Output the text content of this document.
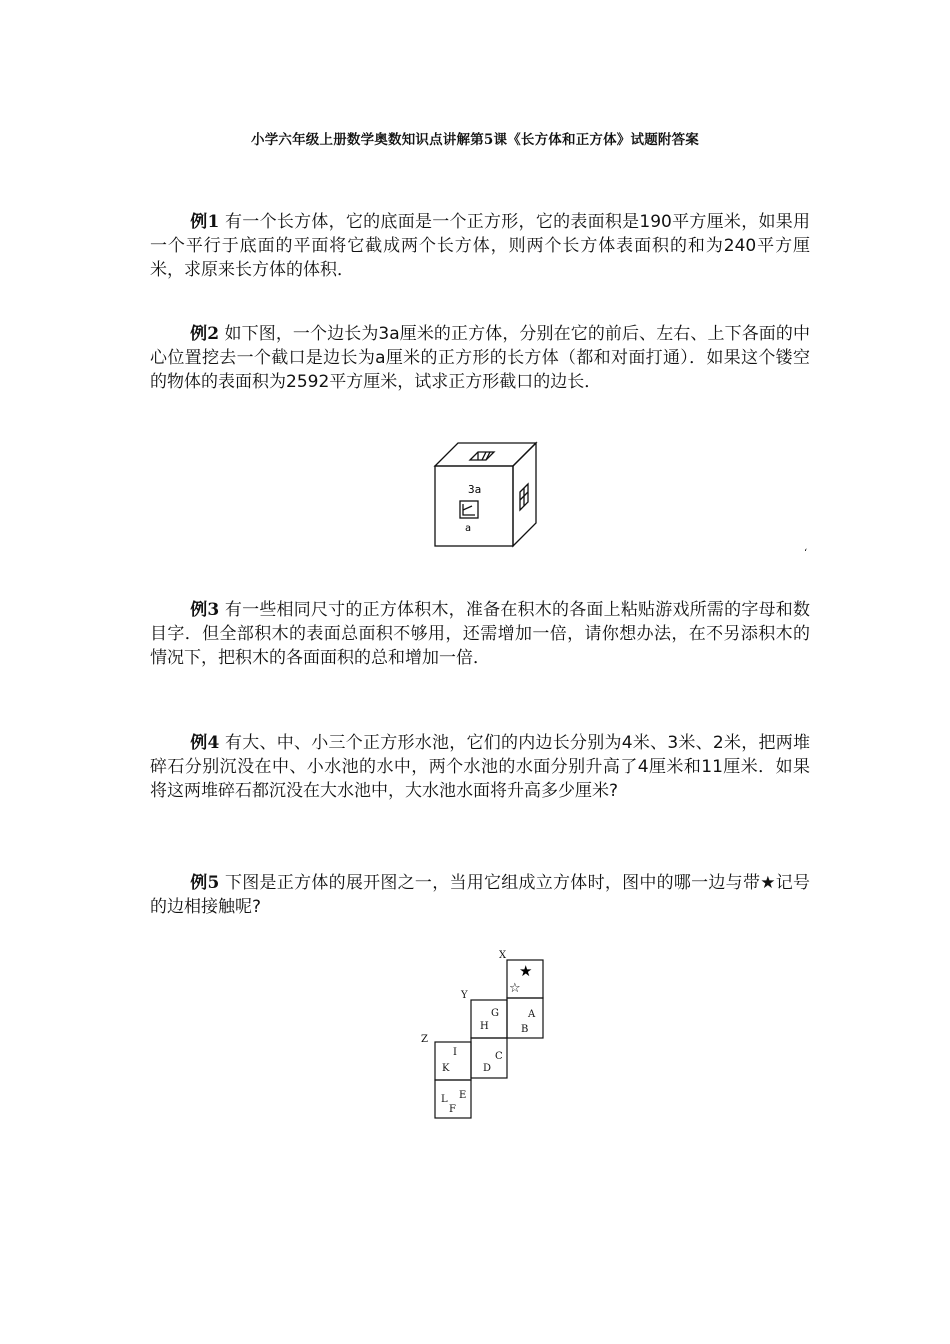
小学六年级上册数学奥数知识点讲解第5课《长方体和正方体》试题附答案
例1 有一个长方体，它的底面是一个正方形，它的表面积是190平方厘米，如果用一个平行于底面的平面将它截成两个长方体，则两个长方体表面积的和为240平方厘米，求原来长方体的体积．
例2 如下图，一个边长为3a厘米的正方体，分别在它的前后、左右、上下各面的中心位置挖去一个截口是边长为a厘米的正方形的长方体（都和对面打通）．如果这个镂空的物体的表面积为2592平方厘米，试求正方形截口的边长．
3a
a
‘
例3 有一些相同尺寸的正方体积木，准备在积木的各面上粘贴游戏所需的字母和数目字．但全部积木的表面总面积不够用，还需增加一倍，请你想办法，在不另添积木的情况下，把积木的各面面积的总和增加一倍．
例4 有大、中、小三个正方形水池，它们的内边长分别为4米、3米、2米，把两堆碎石分别沉没在中、小水池的水中，两个水池的水面分别升高了4厘米和11厘米．如果将这两堆碎石都沉没在大水池中，大水池水面将升高多少厘米?
例5 下图是正方体的展开图之一，当用它组成立方体时，图中的哪一边与带★记号的边相接触呢?
X
Y
Z
G
H
A
B
C
D
I
K
L E
F
★
☆
